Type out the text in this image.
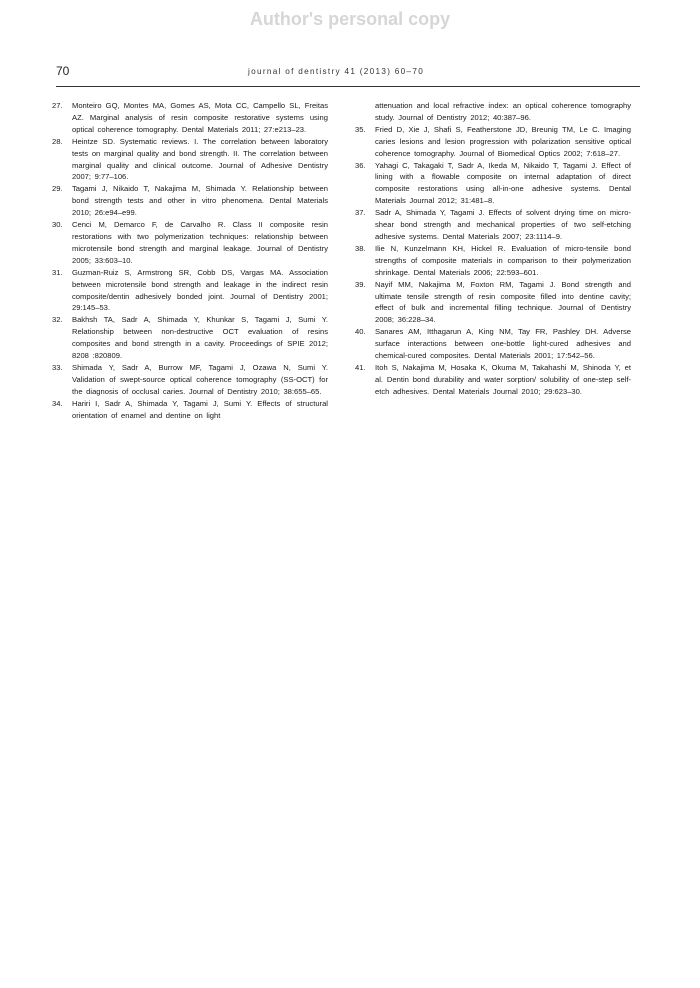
Author's personal copy
70	journal of dentistry 41 (2013) 60–70
27.	Monteiro GQ, Montes MA, Gomes AS, Mota CC, Campello SL, Freitas AZ. Marginal analysis of resin composite restorative systems using optical coherence tomography. Dental Materials 2011; 27:e213–23.
28.	Heintze SD. Systematic reviews. I. The correlation between laboratory tests on marginal quality and bond strength. II. The correlation between marginal quality and clinical outcome. Journal of Adhesive Dentistry 2007; 9:77–106.
29.	Tagami J, Nikaido T, Nakajima M, Shimada Y. Relationship between bond strength tests and other in vitro phenomena. Dental Materials 2010; 26:e94–e99.
30.	Cenci M, Demarco F, de Carvalho R. Class II composite resin restorations with two polymerization techniques: relationship between microtensile bond strength and marginal leakage. Journal of Dentistry 2005; 33:603–10.
31.	Guzman-Ruiz S, Armstrong SR, Cobb DS, Vargas MA. Association between microtensile bond strength and leakage in the indirect resin composite/dentin adhesively bonded joint. Journal of Dentistry 2001; 29:145–53.
32.	Bakhsh TA, Sadr A, Shimada Y, Khunkar S, Tagami J, Sumi Y. Relationship between non-destructive OCT evaluation of resins composites and bond strength in a cavity. Proceedings of SPIE 2012; 8208 :820809.
33.	Shimada Y, Sadr A, Burrow MF, Tagami J, Ozawa N, Sumi Y. Validation of swept-source optical coherence tomography (SS-OCT) for the diagnosis of occlusal caries. Journal of Dentistry 2010; 38:655–65.
34.	Hariri I, Sadr A, Shimada Y, Tagami J, Sumi Y. Effects of structural orientation of enamel and dentine on light
attenuation and local refractive index: an optical coherence tomography study. Journal of Dentistry 2012; 40:387–96.
35.	Fried D, Xie J, Shafi S, Featherstone JD, Breunig TM, Le C. Imaging caries lesions and lesion progression with polarization sensitive optical coherence tomography. Journal of Biomedical Optics 2002; 7:618–27.
36.	Yahagi C, Takagaki T, Sadr A, Ikeda M, Nikaido T, Tagami J. Effect of lining with a flowable composite on internal adaptation of direct composite restorations using all-in-one adhesive systems. Dental Materials Journal 2012; 31:481–8.
37.	Sadr A, Shimada Y, Tagami J. Effects of solvent drying time on micro-shear bond strength and mechanical properties of two self-etching adhesive systems. Dental Materials 2007; 23:1114–9.
38.	Ilie N, Kunzelmann KH, Hickel R. Evaluation of micro-tensile bond strengths of composite materials in comparison to their polymerization shrinkage. Dental Materials 2006; 22:593–601.
39.	Nayif MM, Nakajima M, Foxton RM, Tagami J. Bond strength and ultimate tensile strength of resin composite filled into dentine cavity; effect of bulk and incremental filling technique. Journal of Dentistry 2008; 36:228–34.
40.	Sanares AM, Itthagarun A, King NM, Tay FR, Pashley DH. Adverse surface interactions between one-bottle light-cured adhesives and chemical-cured composites. Dental Materials 2001; 17:542–56.
41.	Itoh S, Nakajima M, Hosaka K, Okuma M, Takahashi M, Shinoda Y, et al. Dentin bond durability and water sorption/ solubility of one-step self-etch adhesives. Dental Materials Journal 2010; 29:623–30.
